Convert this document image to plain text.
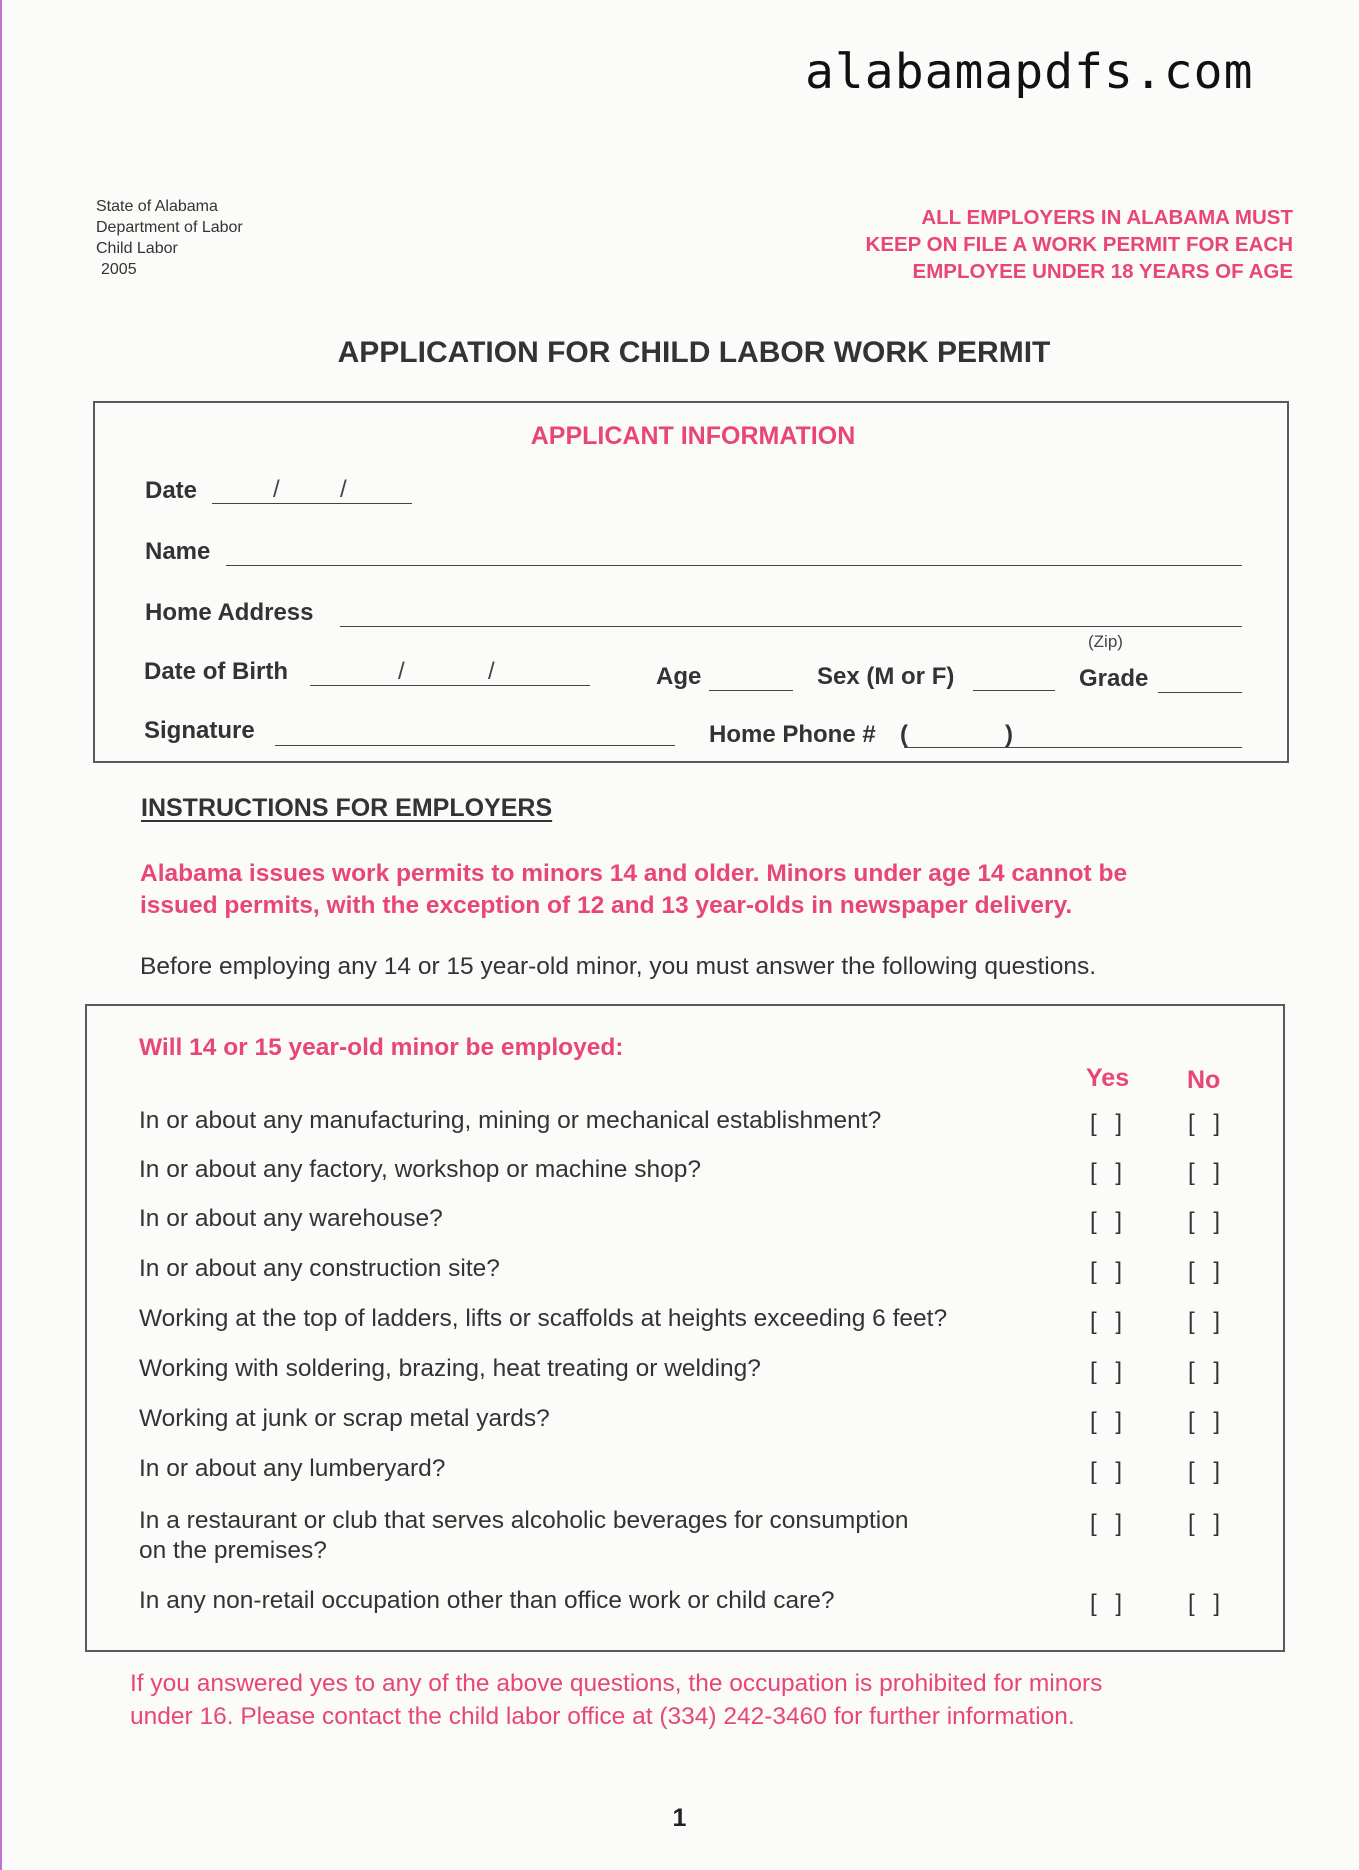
alabamapdfs.com
State of Alabama
Department of Labor
Child Labor
2005
ALL EMPLOYERS IN ALABAMA MUST
KEEP ON FILE A WORK PERMIT FOR EACH
EMPLOYEE UNDER 18 YEARS OF AGE
APPLICATION FOR CHILD LABOR WORK PERMIT
APPLICANT INFORMATION
Date	/	/
Name
Home Address
(Zip)
Date of Birth	/	/	Age	Sex (M or F)	Grade
Signature	Home Phone # (	)
INSTRUCTIONS FOR EMPLOYERS
Alabama issues work permits to minors 14 and older. Minors under age 14 cannot be
issued permits, with the exception of 12 and 13 year-olds in newspaper delivery.
Before employing any 14 or 15 year-old minor, you must answer the following questions.
Will 14 or 15 year-old minor be employed:
Yes No
In or about any manufacturing, mining or mechanical establishment?	[ ] [ ]
In or about any factory, workshop or machine shop?	[ ] [ ]
In or about any warehouse?	[ ] [ ]
In or about any construction site?	[ ] [ ]
Working at the top of ladders, lifts or scaffolds at heights exceeding 6 feet?	[ ] [ ]
Working with soldering, brazing, heat treating or welding?	[ ] [ ]
Working at junk or scrap metal yards?	[ ] [ ]
In or about any lumberyard?	[ ] [ ]
In a restaurant or club that serves alcoholic beverages for consumption
on the premises?
[ ] [ ]
In any non-retail occupation other than office work or child care?	[ ] [ ]
If you answered yes to any of the above questions, the occupation is prohibited for minors
under 16. Please contact the child labor office at (334) 242-3460 for further information.
1
